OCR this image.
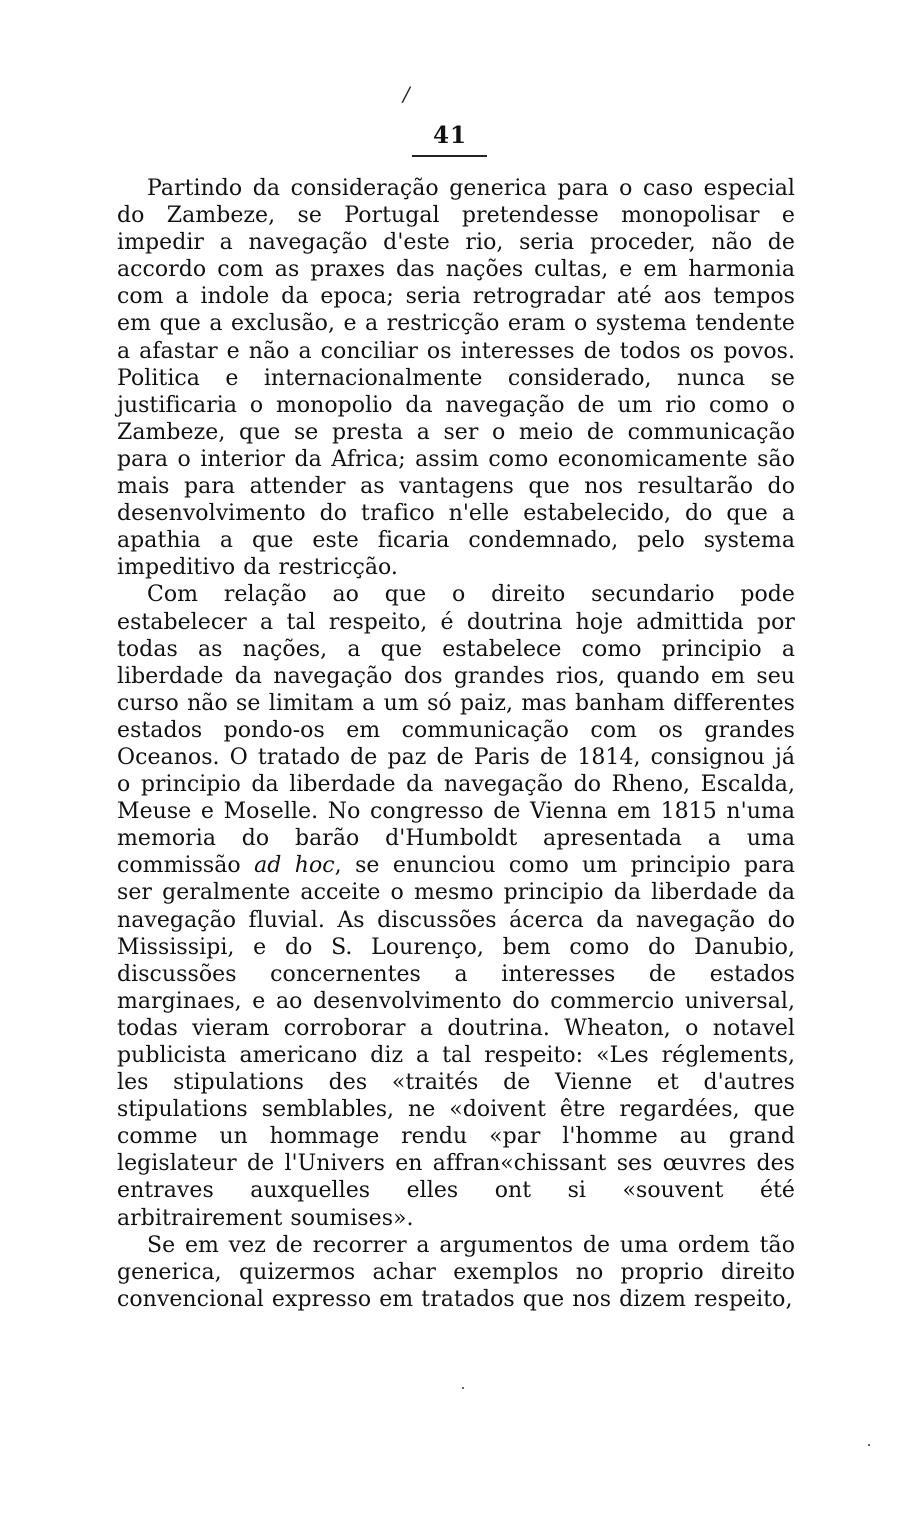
/
41

Partindo da consideração generica para o caso especial do Zambeze, se Portugal pretendesse monopolisar e impedir a navegação d'este rio, seria proceder, não de accordo com as praxes das nações cultas, e em harmonia com a indole da epoca; seria retrogradar até aos tempos em que a exclusão, e a restricção eram o systema tendente a afastar e não a conciliar os interesses de todos os povos. Politica e internacionalmente considerado, nunca se justificaria o monopolio da navegação de um rio como o Zambeze, que se presta a ser o meio de communicação para o interior da Africa; assim como economicamente são mais para attender as vantagens que nos resultarão do desenvolvimento do trafico n'elle estabelecido, do que a apathia a que este ficaria condemnado, pelo systema impeditivo da restricção.

Com relação ao que o direito secundario pode estabelecer a tal respeito, é doutrina hoje admittida por todas as nações, a que estabelece como principio a liberdade da navegação dos grandes rios, quando em seu curso não se limitam a um só paiz, mas banham differentes estados pondo-os em communicação com os grandes Oceanos. O tratado de paz de Paris de 1814, consignou já o principio da liberdade da navegação do Rheno, Escalda, Meuse e Moselle. No congresso de Vienna em 1815 n'uma memoria do barão d'Humboldt apresentada a uma commissão ad hoc, se enunciou como um principio para ser geralmente acceite o mesmo principio da liberdade da navegação fluvial. As discussões ácerca da navegação do Mississipi, e do S. Lourenço, bem como do Danubio, discussões concernentes a interesses de estados marginaes, e ao desenvolvimento do commercio universal, todas vieram corroborar a doutrina. Wheaton, o notavel publicista americano diz a tal respeito: «Les réglements, les stipulations des «traités de Vienne et d'autres stipulations semblables, ne «doivent être regardées, que comme un hommage rendu «par l'homme au grand legislateur de l'Univers en affran«chissant ses œuvres des entraves auxquelles elles ont si «souvent été arbitrairement soumises».

Se em vez de recorrer a argumentos de uma ordem tão generica, quizermos achar exemplos no proprio direito convencional expresso em tratados que nos dizem respeito,
